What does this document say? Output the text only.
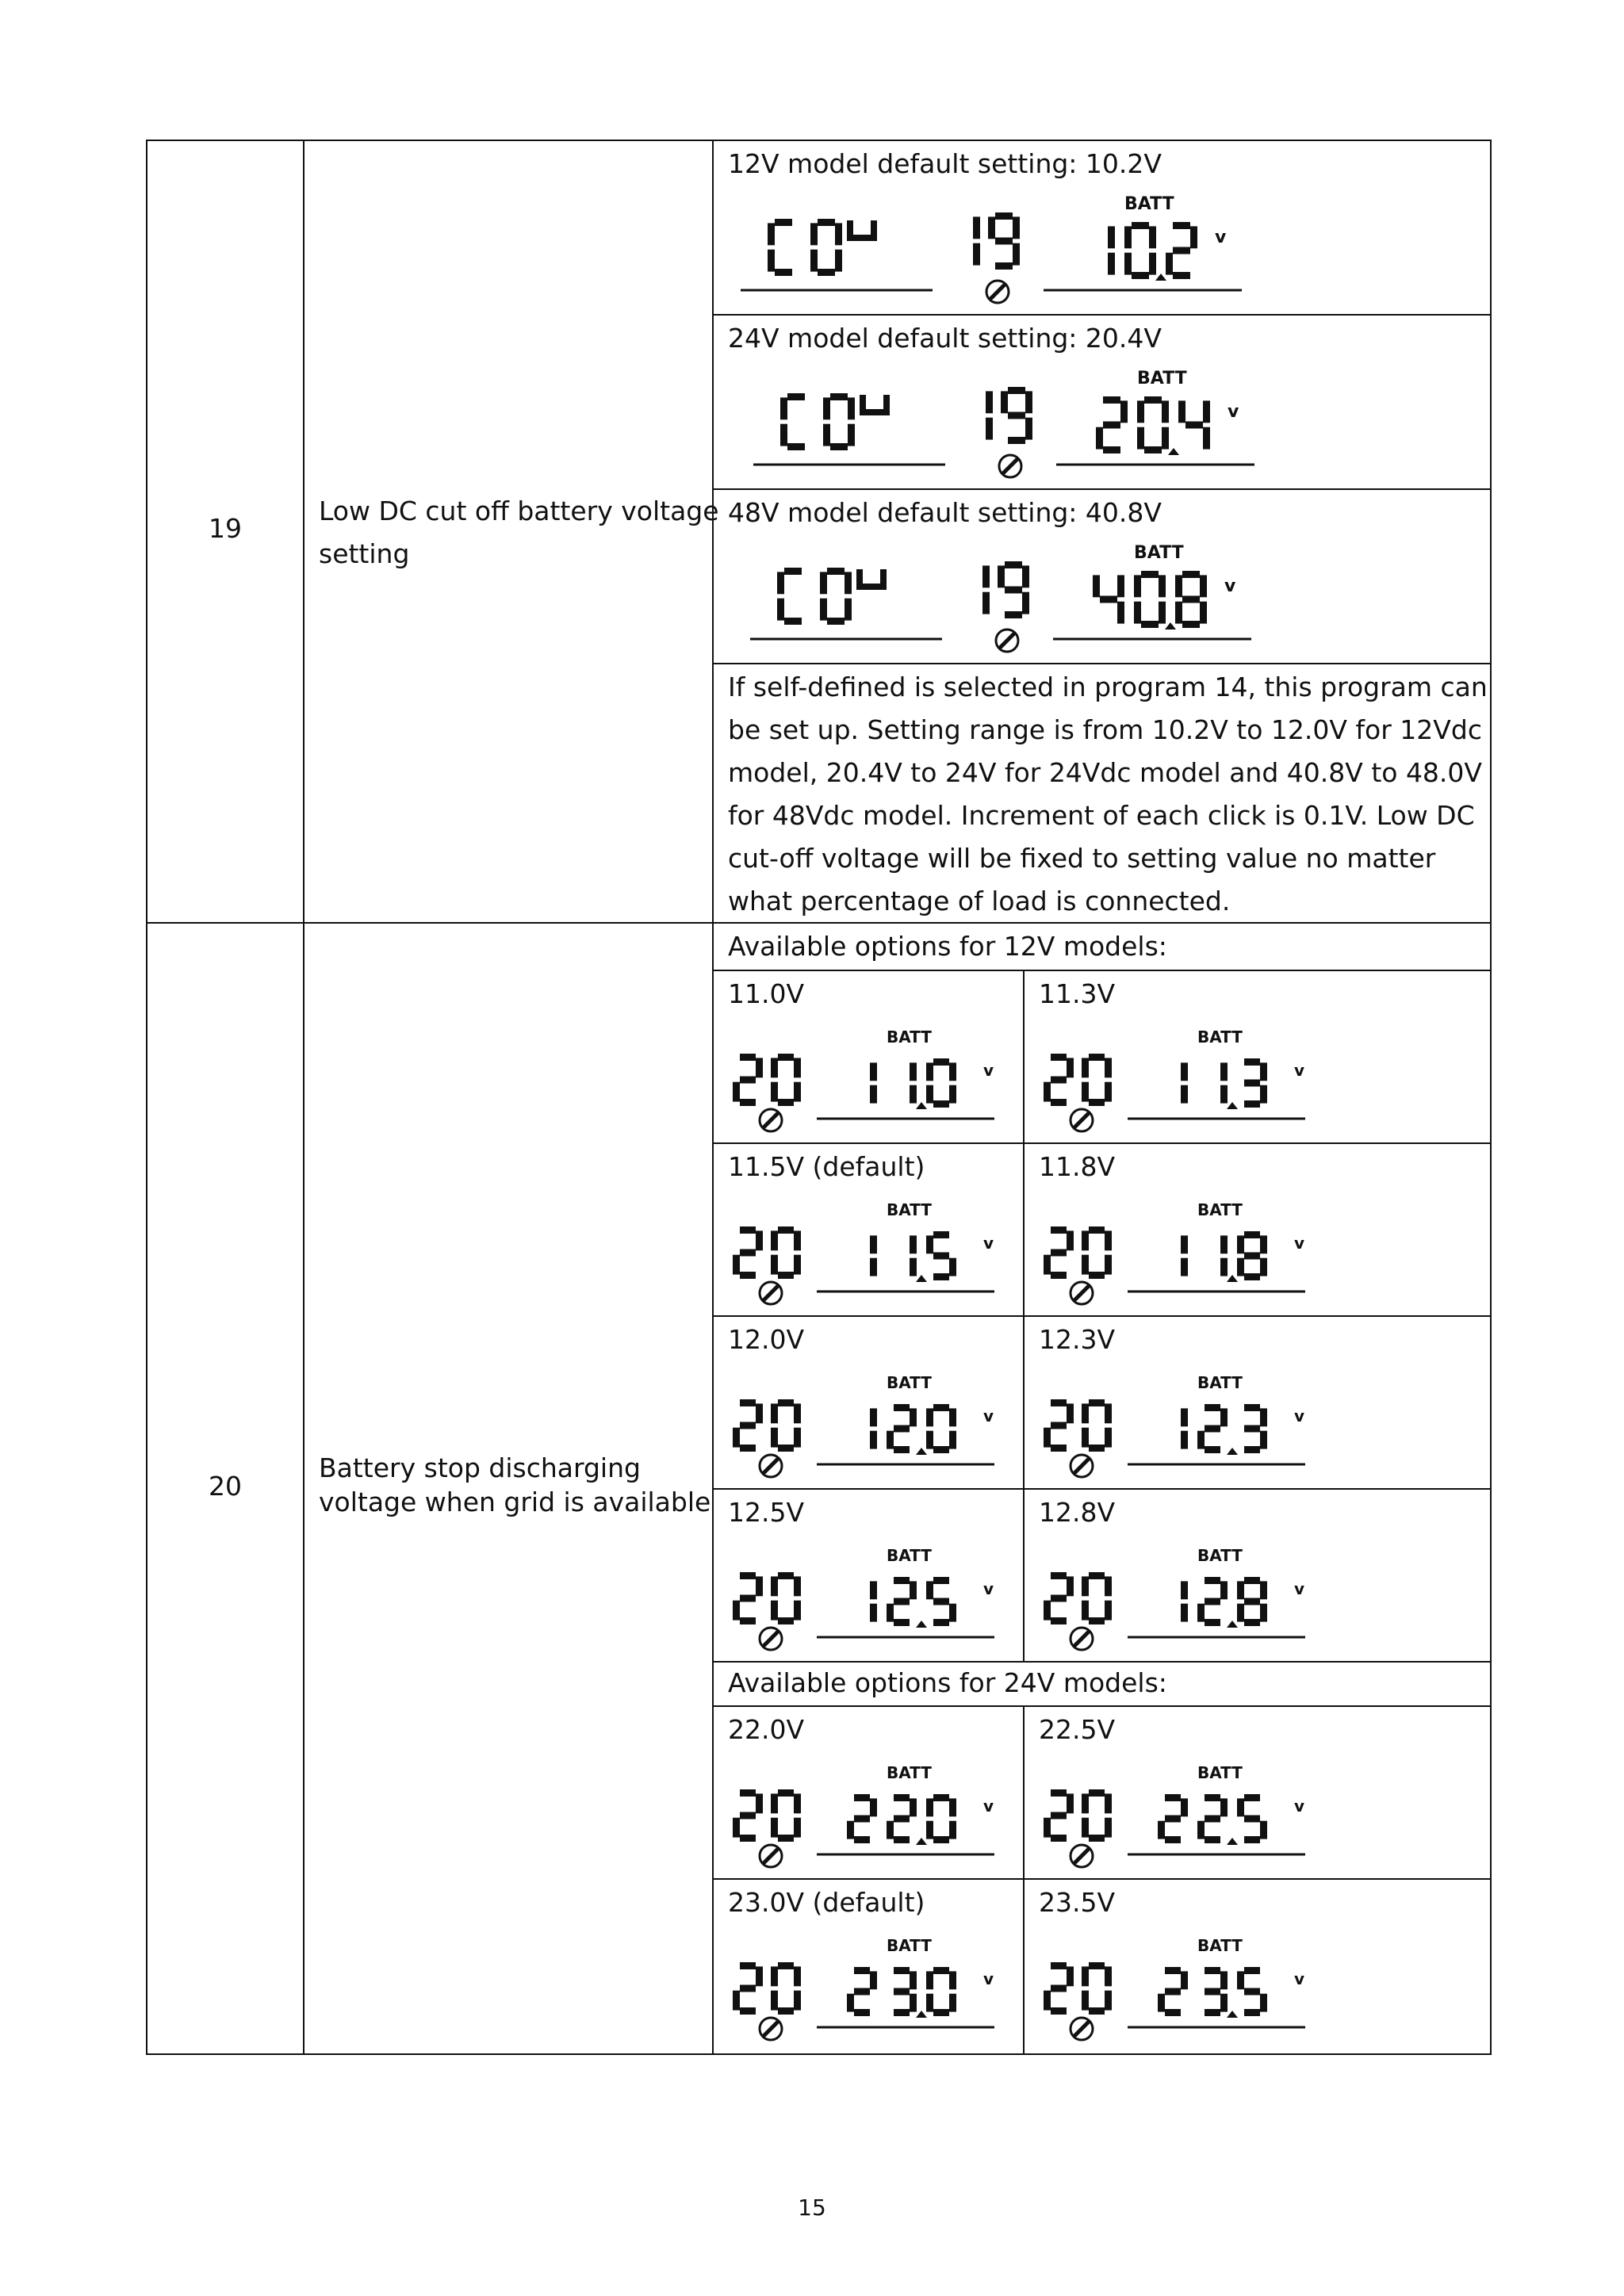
19
Low DC cut off battery voltage
setting
12V model default setting: 10.2V
BATT
v
24V model default setting: 20.4V
BATT
v
48V model default setting: 40.8V
BATT
v
If self-defined is selected in program 14, this program can be set up. Setting range is from 10.2V to 12.0V for 12Vdc model, 20.4V to 24V for 24Vdc model and 40.8V to 48.0V for 48Vdc model. Increment of each click is 0.1V. Low DC cut-off voltage will be fixed to setting value no matter what percentage of load is connected.
20
Battery stop discharging
voltage when grid is available
Available options for 12V models:
11.0V
BATT
v
11.3V
BATT
v
11.5V (default)
BATT
v
11.8V
BATT
v
12.0V
BATT
v
12.3V
BATT
v
12.5V
BATT
v
12.8V
BATT
v
Available options for 24V models:
22.0V
BATT
v
22.5V
BATT
v
23.0V (default)
BATT
v
23.5V
BATT
v
15
